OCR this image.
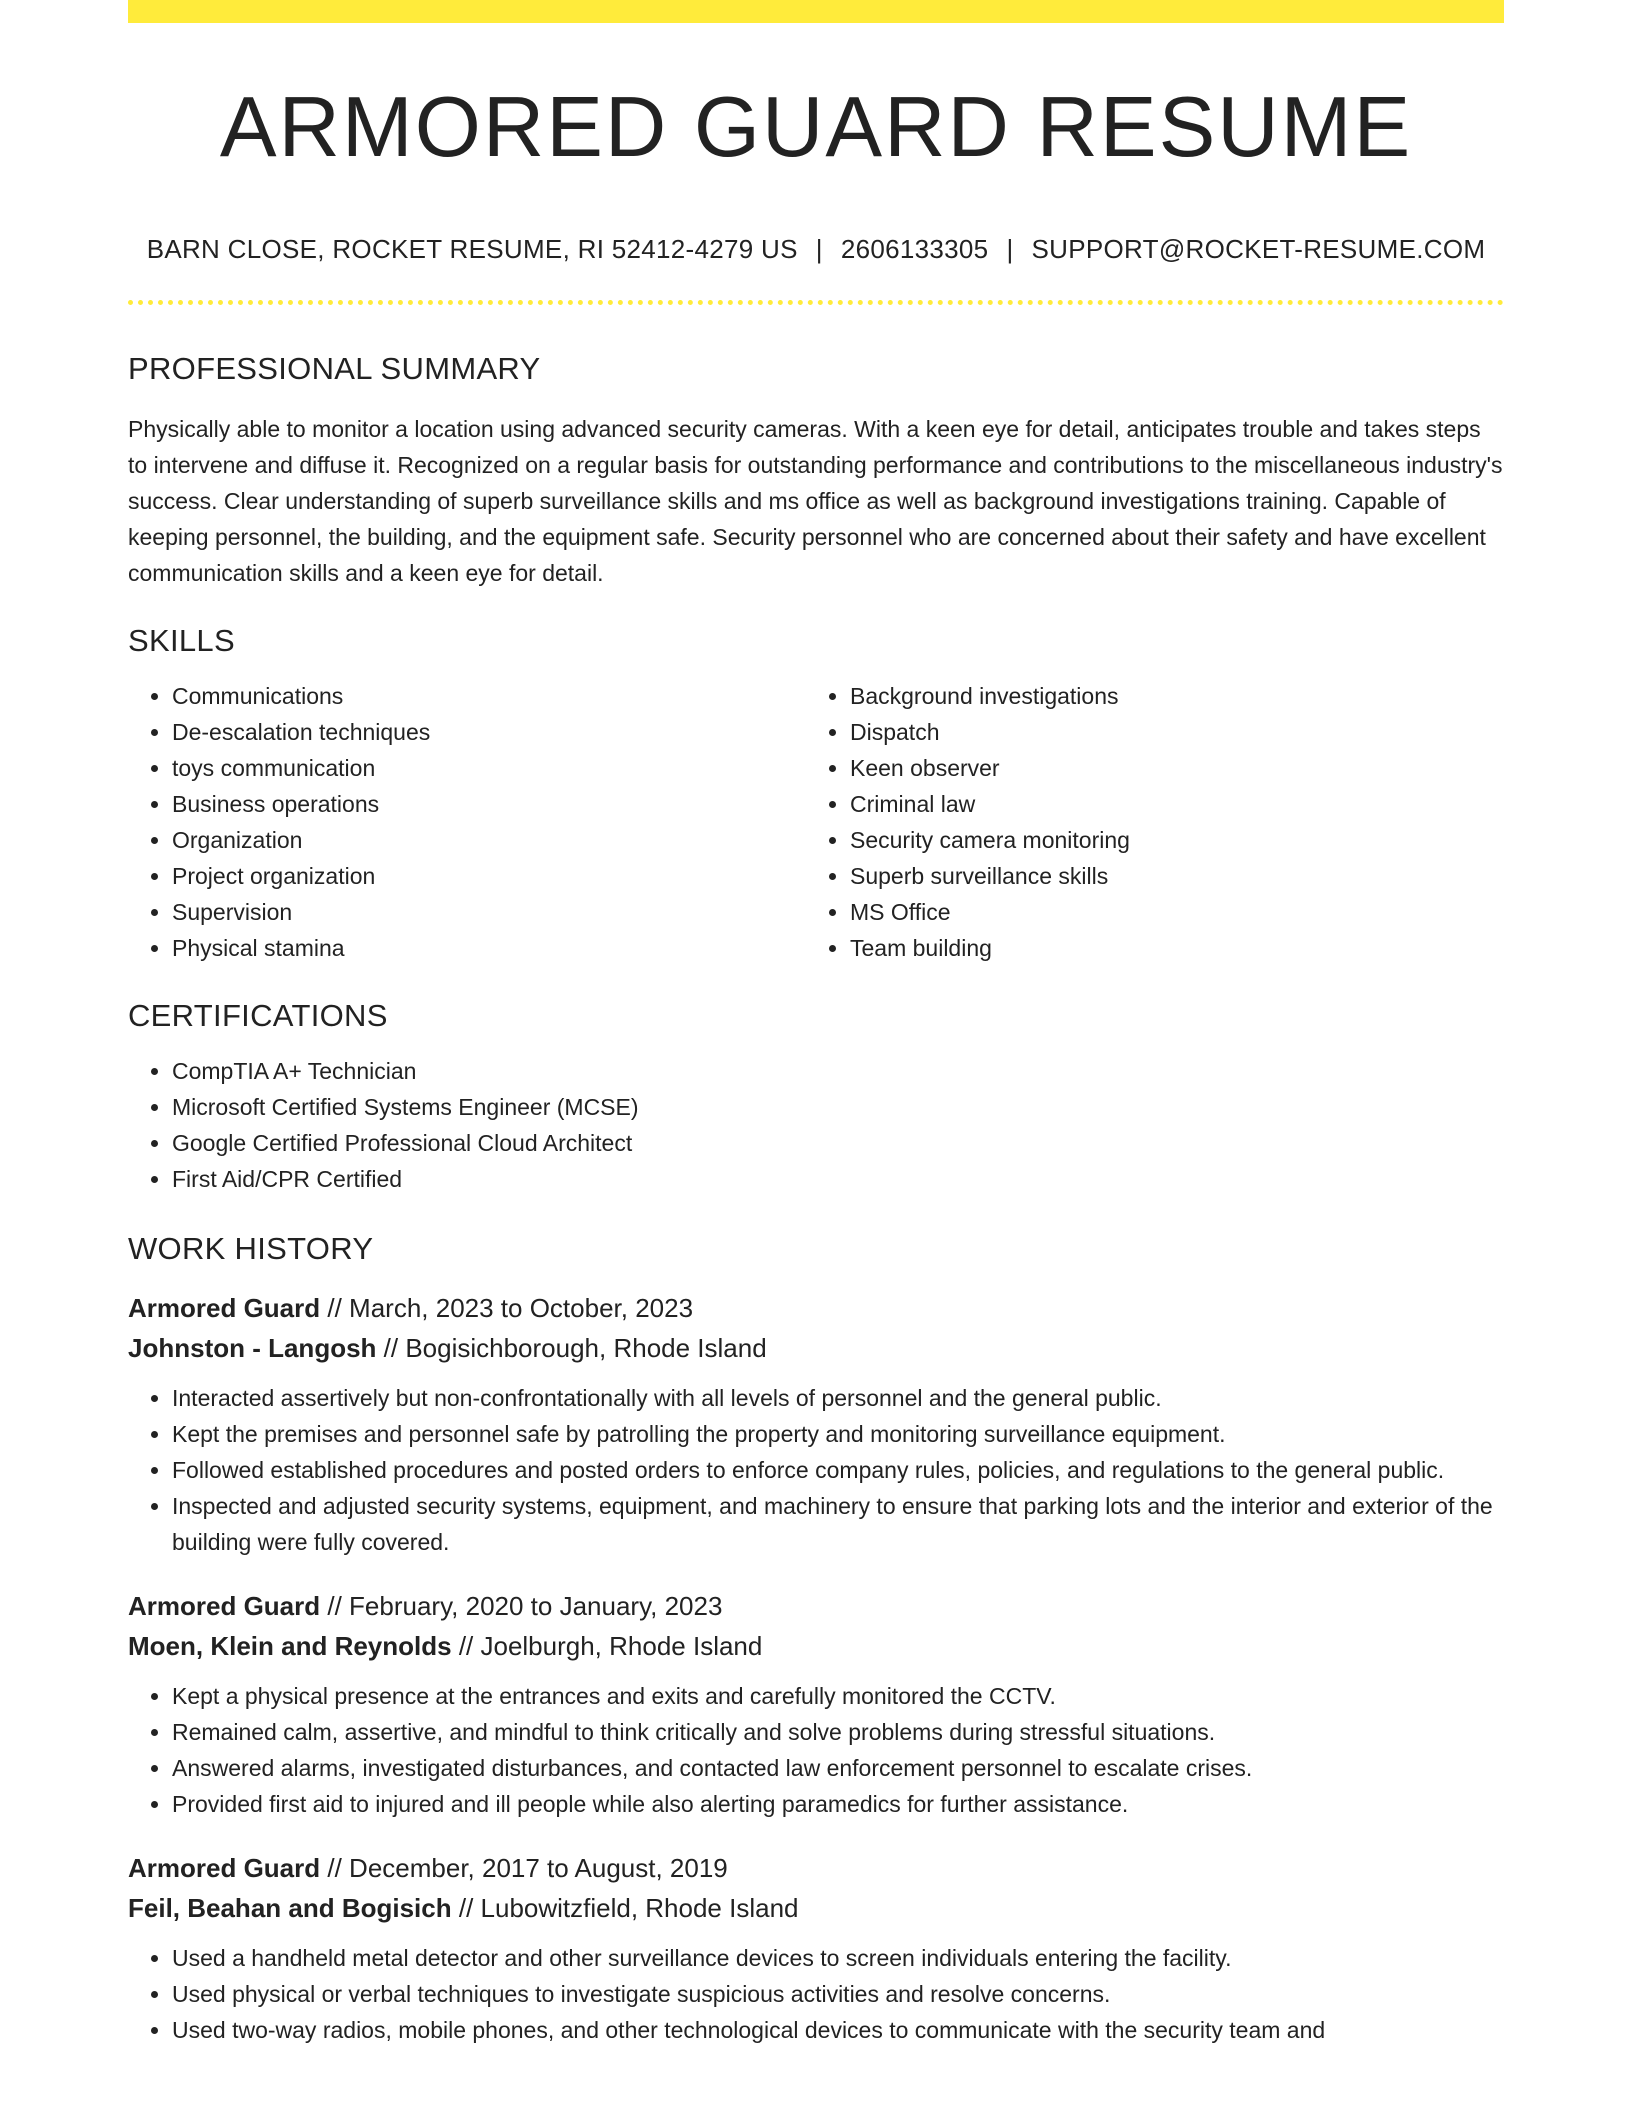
ARMORED GUARD RESUME
BARN CLOSE, ROCKET RESUME, RI 52412-4279 US | 2606133305 | SUPPORT@ROCKET-RESUME.COM
PROFESSIONAL SUMMARY

Physically able to monitor a location using advanced security cameras. With a keen eye for detail, anticipates trouble and takes steps to intervene and diffuse it. Recognized on a regular basis for outstanding performance and contributions to the miscellaneous industry's success. Clear understanding of superb surveillance skills and ms office as well as background investigations training. Capable of keeping personnel, the building, and the equipment safe. Security personnel who are concerned about their safety and have excellent communication skills and a keen eye for detail.

SKILLS
• Communications
• De-escalation techniques
• toys communication
• Business operations
• Organization
• Project organization
• Supervision
• Physical stamina
• Background investigations
• Dispatch
• Keen observer
• Criminal law
• Security camera monitoring
• Superb surveillance skills
• MS Office
• Team building
CERTIFICATIONS
• CompTIA A+ Technician
• Microsoft Certified Systems Engineer (MCSE)
• Google Certified Professional Cloud Architect
• First Aid/CPR Certified
WORK HISTORY
Armored Guard // March, 2023 to October, 2023
Johnston - Langosh // Bogisichborough, Rhode Island
• Interacted assertively but non-confrontationally with all levels of personnel and the general public.
• Kept the premises and personnel safe by patrolling the property and monitoring surveillance equipment.
• Followed established procedures and posted orders to enforce company rules, policies, and regulations to the general public.
• Inspected and adjusted security systems, equipment, and machinery to ensure that parking lots and the interior and exterior of the building were fully covered.
Armored Guard // February, 2020 to January, 2023
Moen, Klein and Reynolds // Joelburgh, Rhode Island
• Kept a physical presence at the entrances and exits and carefully monitored the CCTV.
• Remained calm, assertive, and mindful to think critically and solve problems during stressful situations.
• Answered alarms, investigated disturbances, and contacted law enforcement personnel to escalate crises.
• Provided first aid to injured and ill people while also alerting paramedics for further assistance.
Armored Guard // December, 2017 to August, 2019
Feil, Beahan and Bogisich // Lubowitzfield, Rhode Island
• Used a handheld metal detector and other surveillance devices to screen individuals entering the facility.
• Used physical or verbal techniques to investigate suspicious activities and resolve concerns.
• Used two-way radios, mobile phones, and other technological devices to communicate with the security team and
